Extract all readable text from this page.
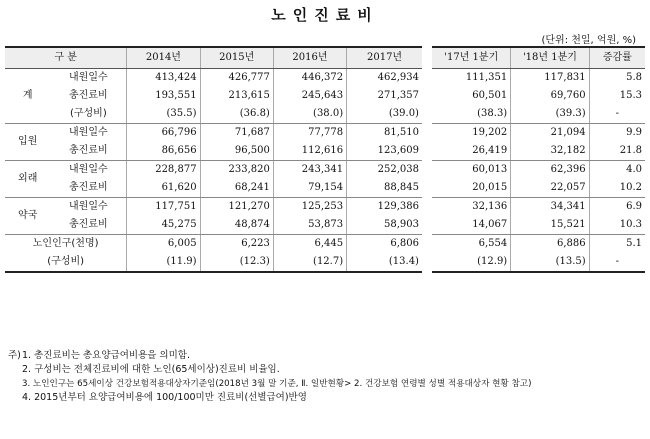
노인진료비
(단위: 천일, 억원, %)
구 분		2014년	2015년	2016년	2017년		'17년 1분기	'18년 1분기	증감률
계	내원일수	413,424	426,777	446,372	462,934		111,351	117,831	5.8
	총진료비	193,551	213,615	245,643	271,357		60,501	69,760	15.3
	(구성비)	(35.5)	(36.8)	(38.0)	(39.0)		(38.3)	(39.3)	-
입원	내원일수	66,796	71,687	77,778	81,510		19,202	21,094	9.9
	총진료비	86,656	96,500	112,616	123,609		26,419	32,182	21.8
외래	내원일수	228,877	233,820	243,341	252,038		60,013	62,396	4.0
	총진료비	61,620	68,241	79,154	88,845		20,015	22,057	10.2
약국	내원일수	117,751	121,270	125,253	129,386		32,136	34,341	6.9
	총진료비	45,275	48,874	53,873	58,903		14,067	15,521	10.3
노인인구(천명)		6,005	6,223	6,445	6,806		6,554	6,886	5.1
(구성비)		(11.9)	(12.3)	(12.7)	(13.4)		(12.9)	(13.5)	-
주)1. 총진료비는 총요양급여비용을 의미함.
2. 구성비는 전체진료비에 대한 노인(65세이상)진료비 비율임.
3. 노인인구는 65세이상 건강보험적용대상자기준임(2018년 3월 말 기준, Ⅱ. 일반현황> 2. 건강보험 연령별 성별 적용대상자 현황 참고)
4. 2015년부터 요양급여비용에 100/100미만 진료비(선별급여)반영
